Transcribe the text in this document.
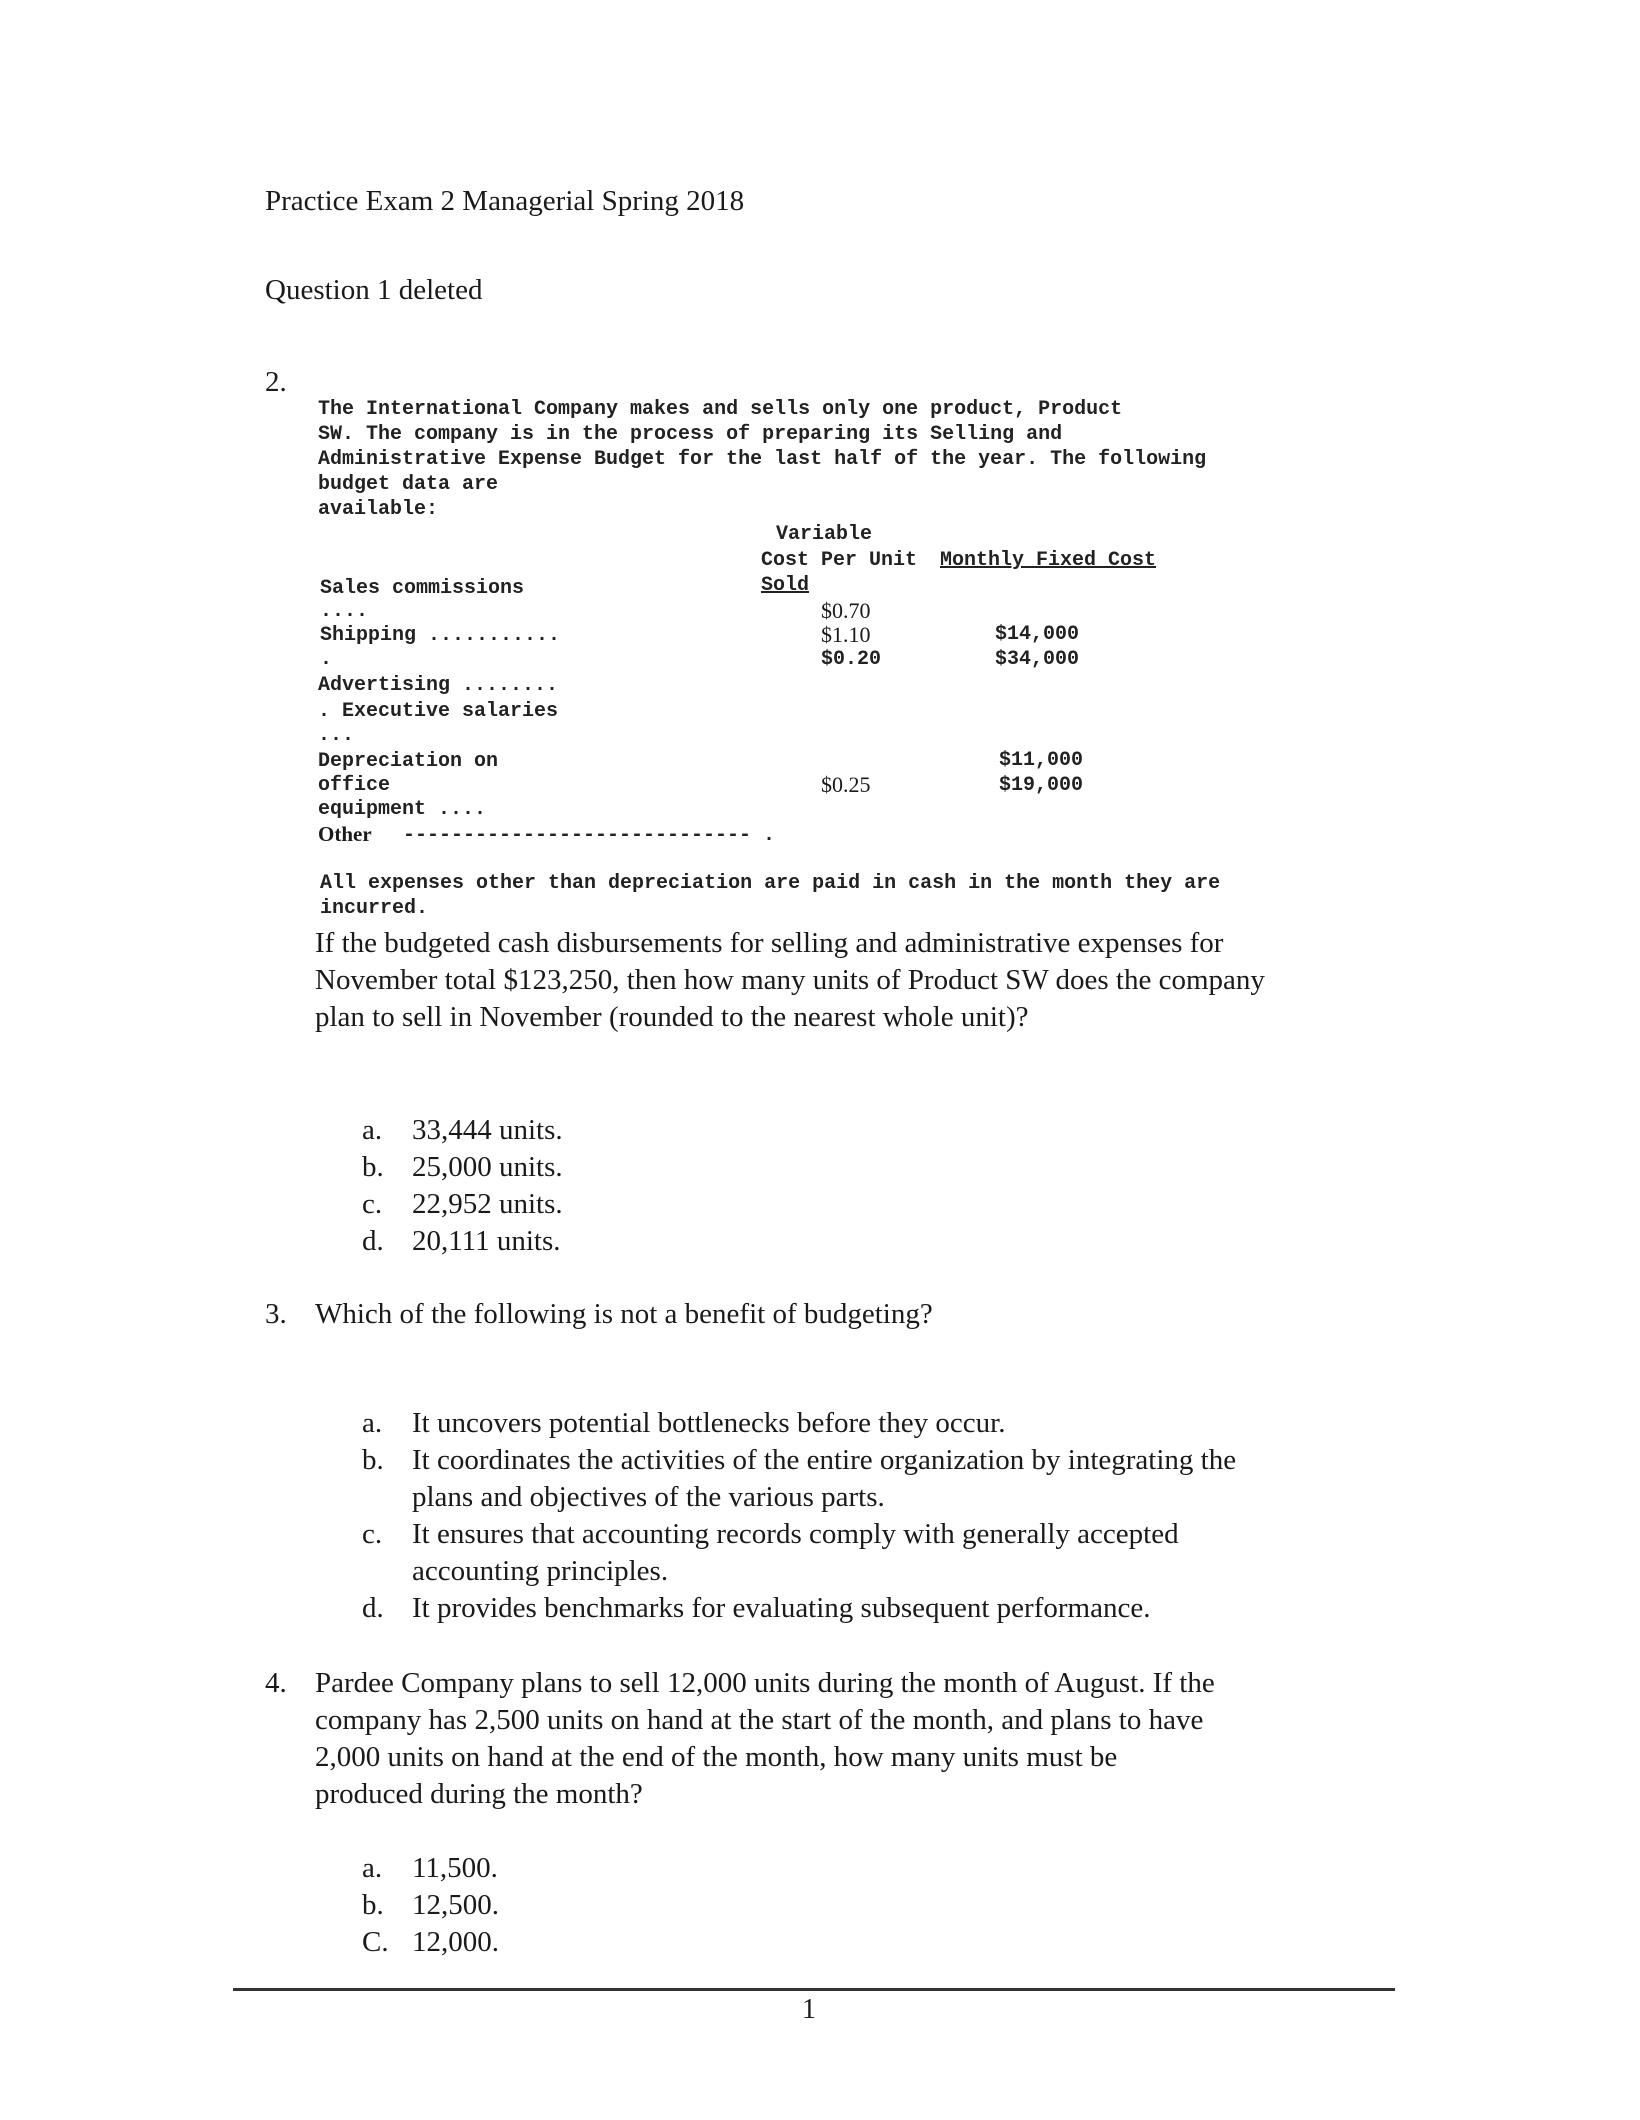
Practice Exam 2 Managerial Spring 2018
Question 1 deleted
2.
The International Company makes and sells only one product, Product
SW. The company is in the process of preparing its Selling and
Administrative Expense Budget for the last half of the year. The following
budget data are
available:
Variable
Cost Per Unit
Sold
Monthly Fixed Cost
Sales commissions
....
Shipping ...........
.
Advertising ........
. Executive salaries
...
Depreciation on
office
equipment ....
Other ----------------------------- .
$0.70
$1.10
$0.20
$0.25
$14,000
$34,000
$11,000
$19,000
All expenses other than depreciation are paid in cash in the month they are
incurred.
If the budgeted cash disbursements for selling and administrative expenses for
November total $123,250, then how many units of Product SW does the company
plan to sell in November (rounded to the nearest whole unit)?
a. 33,444 units.
b. 25,000 units.
c. 22,952 units.
d. 20,111 units.
3. Which of the following is not a benefit of budgeting?
a. It uncovers potential bottlenecks before they occur.
b. It coordinates the activities of the entire organization by integrating the
plans and objectives of the various parts.
c. It ensures that accounting records comply with generally accepted
accounting principles.
d. It provides benchmarks for evaluating subsequent performance.
4. Pardee Company plans to sell 12,000 units during the month of August. If the
company has 2,500 units on hand at the start of the month, and plans to have
2,000 units on hand at the end of the month, how many units must be
produced during the month?
a. 11,500.
b. 12,500.
C. 12,000.
1
